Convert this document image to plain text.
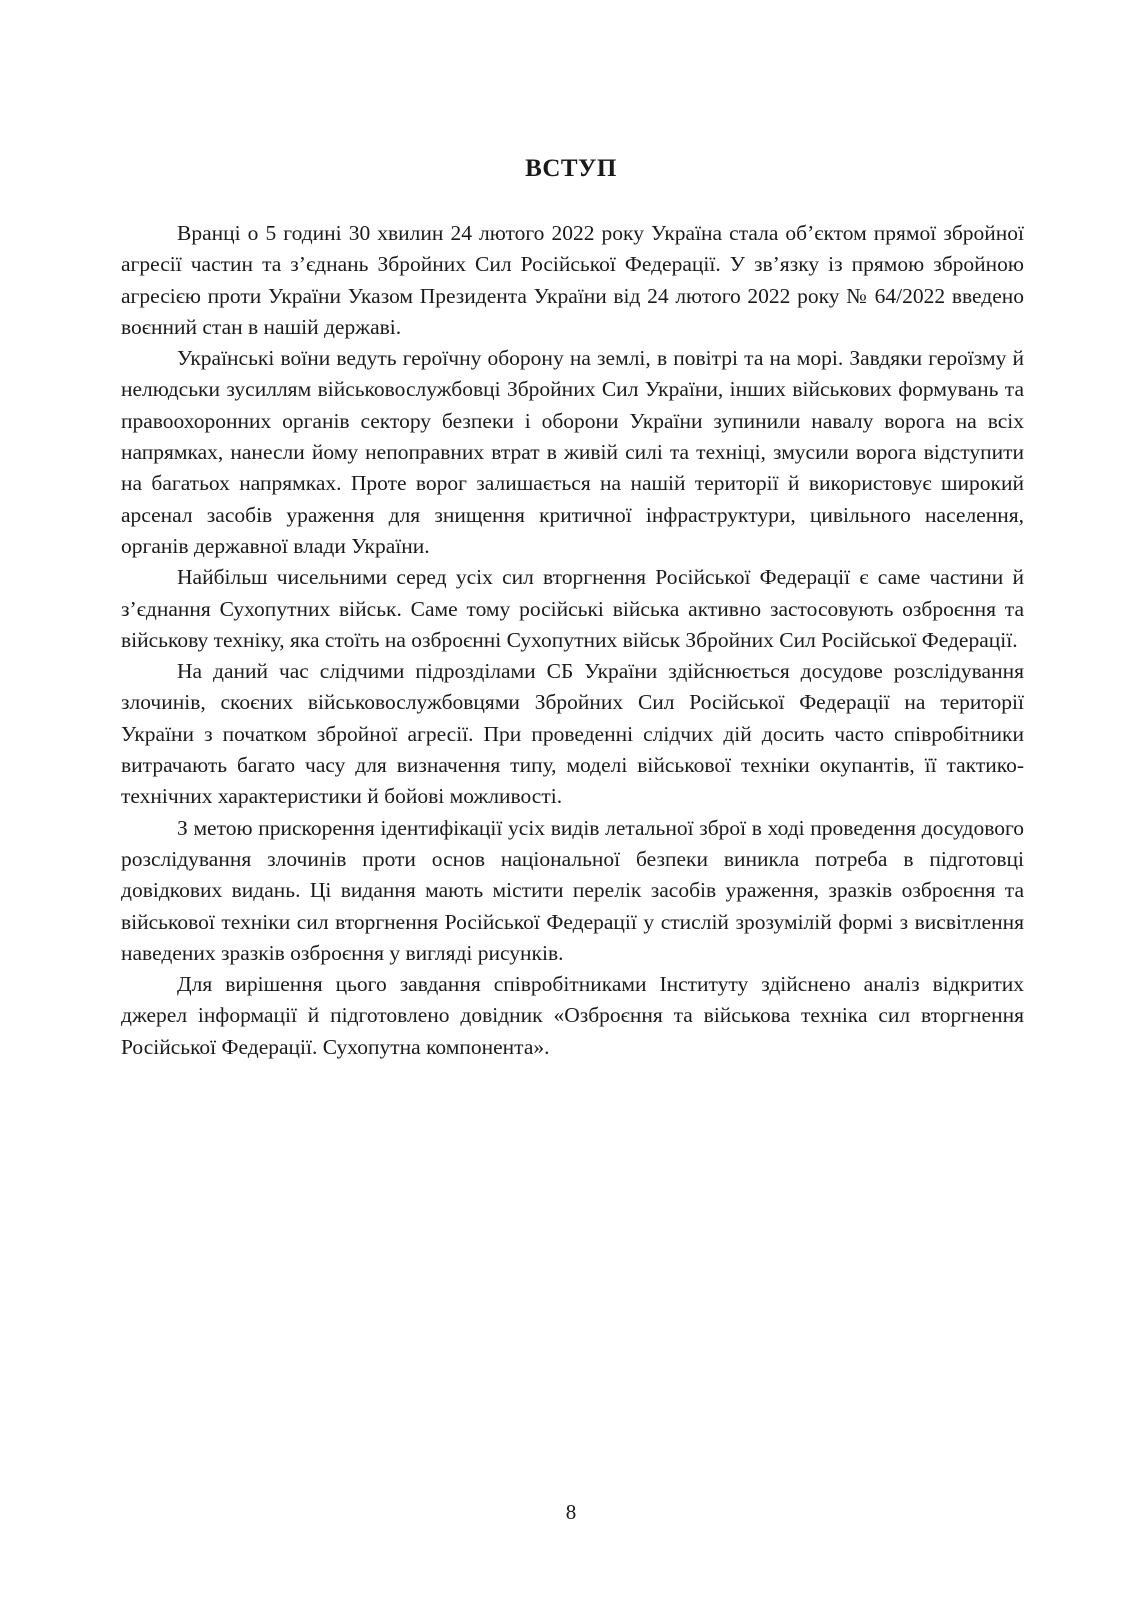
ВСТУП

Вранці о 5 годині 30 хвилин 24 лютого 2022 року Україна стала об’єктом прямої збройної агресії частин та з’єднань Збройних Сил Російської Федерації. У зв’язку із прямою збройною агресією проти України Указом Президента України від 24 лютого 2022 року № 64/2022 введено воєнний стан в нашій державі.

Українські воїни ведуть героїчну оборону на землі, в повітрі та на морі. Завдяки героїзму й нелюдськи зусиллям військовослужбовці Збройних Сил України, інших військових формувань та правоохоронних органів сектору безпеки і оборони України зупинили навалу ворога на всіх напрямках, нанесли йому непоправних втрат в живій силі та техніці, змусили ворога відступити на багатьох напрямках. Проте ворог залишається на нашій території й використовує широкий арсенал засобів ураження для знищення критичної інфраструктури, цивільного населення, органів державної влади України.

Найбільш чисельними серед усіх сил вторгнення Російської Федерації є саме частини й з’єднання Сухопутних військ. Саме тому російські війська активно застосовують озброєння та військову техніку, яка стоїть на озброєнні Сухопутних військ Збройних Сил Російської Федерації.

На даний час слідчими підрозділами СБ України здійснюється досудове розслідування злочинів, скоєних військовослужбовцями Збройних Сил Російської Федерації на території України з початком збройної агресії. При проведенні слідчих дій досить часто співробітники витрачають багато часу для визначення типу, моделі військової техніки окупантів, її тактико-технічних характеристики й бойові можливості.

З метою прискорення ідентифікації усіх видів летальної зброї в ході проведення досудового розслідування злочинів проти основ національної безпеки виникла потреба в підготовці довідкових видань. Ці видання мають містити перелік засобів ураження, зразків озброєння та військової техніки сил вторгнення Російської Федерації у стислій зрозумілій формі з висвітлення наведених зразків озброєння у вигляді рисунків.

Для вирішення цього завдання співробітниками Інституту здійснено аналіз відкритих джерел інформації й підготовлено довідник «Озброєння та військова техніка сил вторгнення Російської Федерації. Сухопутна компонента».

8
